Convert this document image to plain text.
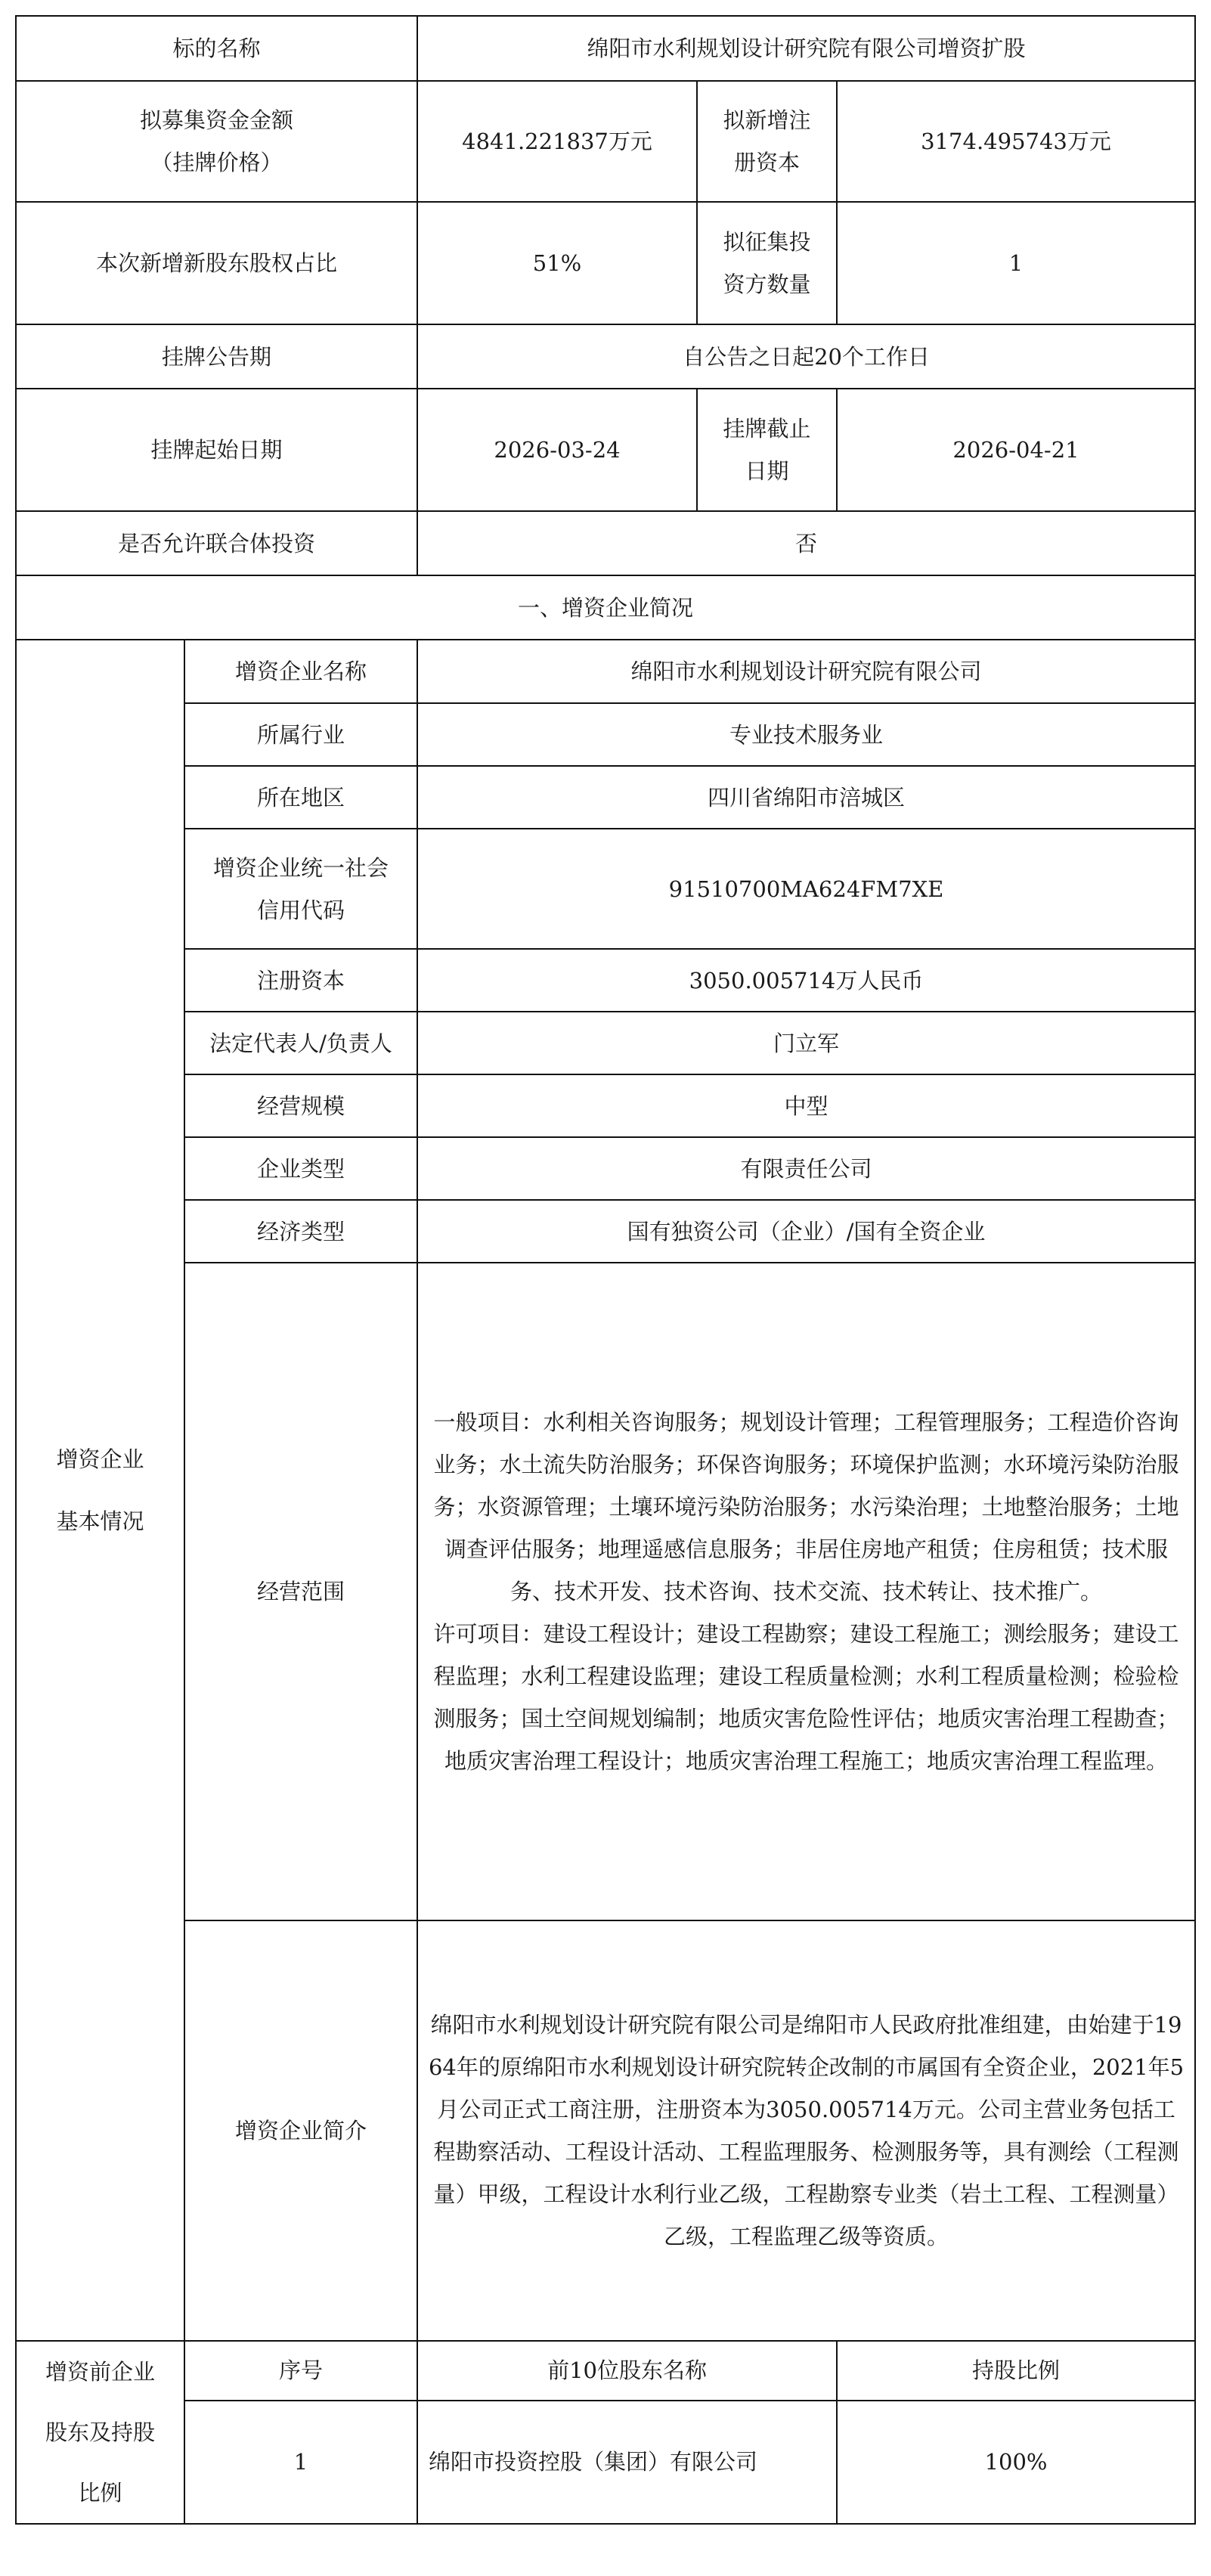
标的名称		绵阳市水利规划设计研究院有限公司增资扩股		

拟募集资金金额
（挂牌价格）		4841.221837万元	拟新增注册资本	3174.495743万元
本次新增新股东股权占比		51%	拟征集投资方数量	1
挂牌公告期		自公告之日起20个工作日		
挂牌起始日期		2026-03-24	挂牌截止日期	2026-04-21
是否允许联合体投资		否		
一、增资企业简况				

增资企业基本情况	增资企业名称	绵阳市水利规划设计研究院有限公司		
	所属行业	专业技术服务业		
	所在地区	四川省绵阳市涪城区		
	增资企业统一社会信用代码	91510700MA624FM7XE		
	注册资本	3050.005714万人民币		
	法定代表人/负责人	门立军		
	经营规模	中型		
	企业类型	有限责任公司		
	经济类型	国有独资公司（企业）/国有全资企业		
	经营范围	一般项目：水利相关咨询服务；规划设计管理；工程管理服务；工程造价咨询业务；水土流失防治服务；环保咨询服务；环境保护监测；水环境污染防治服务；水资源管理；土壤环境污染防治服务；水污染治理；土地整治服务；土地调查评估服务；地理遥感信息服务；非居住房地产租赁；住房租赁；技术服务、技术开发、技术咨询、技术交流、技术转让、技术推广。
许可项目：建设工程设计；建设工程勘察；建设工程施工；测绘服务；建设工程监理；水利工程建设监理；建设工程质量检测；水利工程质量检测；检验检测服务；国土空间规划编制；地质灾害危险性评估；地质灾害治理工程勘查；地质灾害治理工程设计；地质灾害治理工程施工；地质灾害治理工程监理。		

	增资企业简介	绵阳市水利规划设计研究院有限公司是绵阳市人民政府批准组建，由始建于1964年的原绵阳市水利规划设计研究院转企改制的市属国有全资企业，2021年5月公司正式工商注册，注册资本为3050.005714万元。公司主营业务包括工程勘察活动、工程设计活动、工程监理服务、检测服务等，具有测绘（工程测量）甲级，工程设计水利行业乙级，工程勘察专业类（岩土工程、工程测量）乙级，工程监理乙级等资质。		

增资前企业股东及持股比例	序号	前10位股东名称		持股比例
	1	绵阳市投资控股（集团）有限公司		100%
